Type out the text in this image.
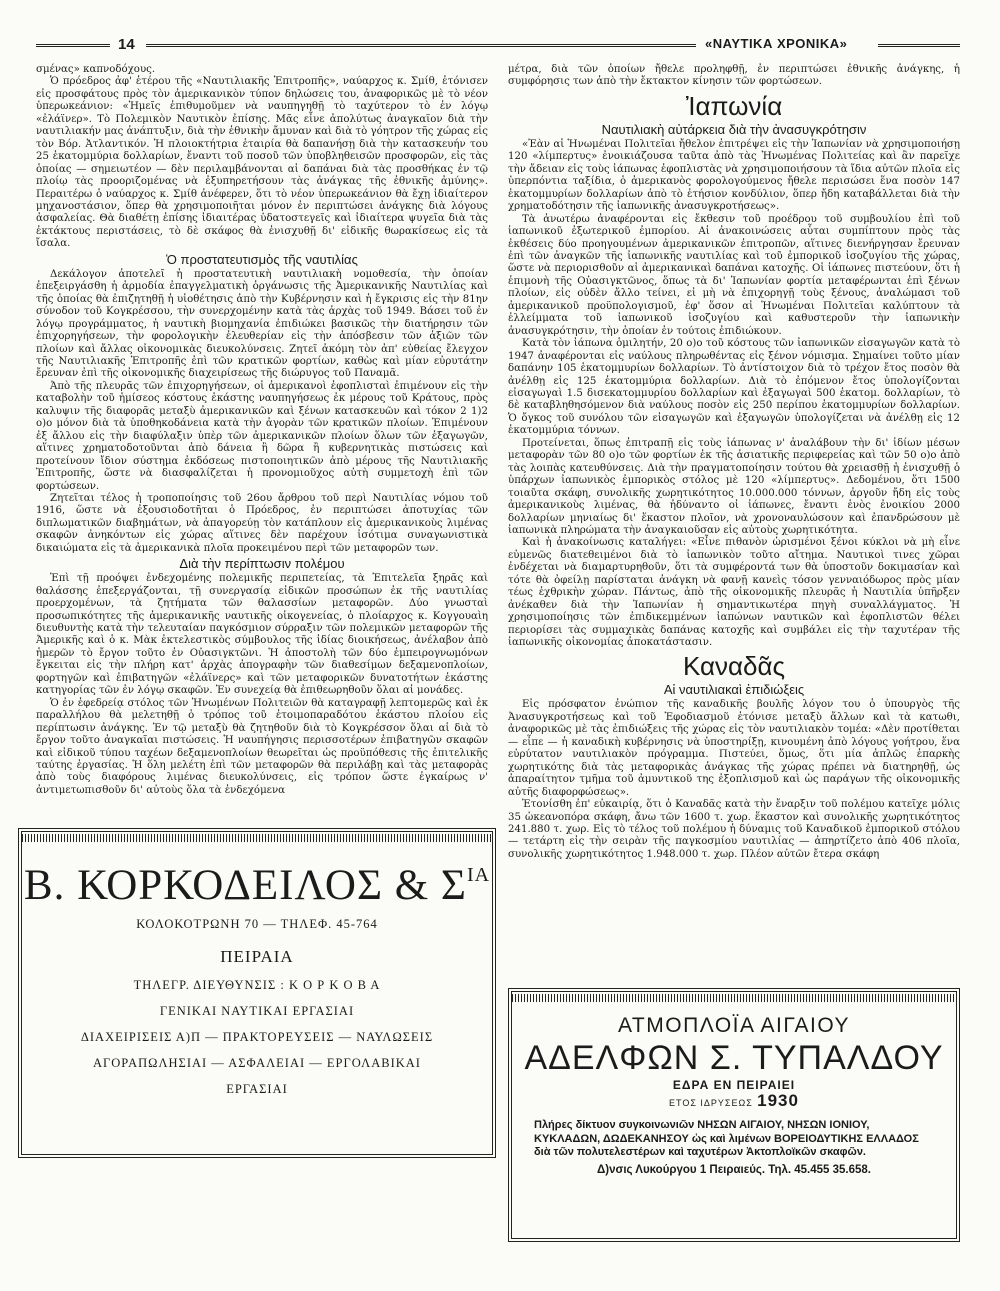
14	«ΝΑΥΤΙΚΑ ΧΡΟΝΙΚΑ»

σμένας» καπνοδόχους.

Ὁ πρόεδρος ἀφ' ἑτέρου τῆς «Ναυτιλιακῆς Ἐπιτροπῆς», ναύαρχος κ. Σμίθ, ἐτόνισεν εἰς προσφάτους πρὸς τὸν ἀμερικανικὸν τύπον δηλώσεις του, ἀναφορικῶς μὲ τὸ νέον ὑπερωκεάνιον: «Ἡμεῖς ἐπιθυμοῦμεν νὰ ναυπηγηθῇ τὸ ταχύτερον τὸ ἐν λόγῳ «ἐλάϊνερ». Τὸ Πολεμικὸν Ναυτικὸν ἐπίσης. Μᾶς εἶνε ἀπολύτως ἀναγκαῖον διὰ τὴν ναυτιλιακήν μας ἀνάπτυξιν, διὰ τὴν ἐθνικὴν ἄμυναν καὶ διὰ τὸ γόητρον τῆς χώρας εἰς τὸν Βόρ. Ἀτλαντικόν. Ἡ πλοιοκτήτρια ἑταιρία θὰ δαπανήσῃ διὰ τὴν κατασκευήν του 25 ἑκατομμύρια δολλαρίων, ἔναντι τοῦ ποσοῦ τῶν ὑποβληθεισῶν προσφορῶν, εἰς τὰς ὁποίας — σημειωτέον — δὲν περιλαμβάνονται αἱ δαπάναι διὰ τὰς προσθήκας ἐν τῷ πλοίῳ τὰς προοριζομένας νὰ ἐξυπηρετήσουν τὰς ἀνάγκας τῆς ἐθνικῆς ἀμύνης». Περαιτέρω ὁ ναύαρχος κ. Σμίθ ἀνέφερεν, ὅτι τὸ νέον ὑπερωκεάνιον θὰ ἔχῃ ἰδιαίτερον μηχανοστάσιον, ὅπερ θὰ χρησιμοποιῆται μόνον ἐν περιπτώσει ἀνάγκης διὰ λόγους ἀσφαλείας. Θὰ διαθέτῃ ἐπίσης ἰδιαιτέρας ὑδατοστεγεῖς καὶ ἰδιαίτερα ψυγεῖα διὰ τὰς ἐκτάκτους περιστάσεις, τὸ δὲ σκάφος θὰ ἐνισχυθῇ δι' εἰδικῆς θωρακίσεως εἰς τὰ ἴσαλα.

Ὁ προστατευτισμὸς τῆς ναυτιλίας

Δεκάλογον ἀποτελεῖ ἡ προστατευτικὴ ναυτιλιακὴ νομοθεσία, τὴν ὁποίαν ἐπεξειργάσθη ἡ ἁρμοδία ἐπαγγελματικὴ ὀργάνωσις τῆς Ἀμερικανικῆς Ναυτιλίας καὶ τῆς ὁποίας θὰ ἐπιζητηθῇ ἡ υἱοθέτησις ἀπὸ τὴν Κυβέρνησιν καὶ ἡ ἔγκρισις εἰς τὴν 81ην σύνοδον τοῦ Κογκρέσσου, τὴν συνερχομένην κατὰ τὰς ἀρχὰς τοῦ 1949. Βάσει τοῦ ἐν λόγῳ προγράμματος, ἡ ναυτικὴ βιομηχανία ἐπιδιώκει βασικῶς τὴν διατήρησιν τῶν ἐπιχορηγήσεων, τὴν φορολογικὴν ἐλευθερίαν εἰς τὴν ἀπόσβεσιν τῶν ἀξιῶν τῶν πλοίων καὶ ἄλλας οἰκονομικὰς διευκολύνσεις. Ζητεῖ ἀκόμη τὸν ἀπ' εὐθείας ἔλεγχον τῆς Ναυτιλιακῆς Ἐπιτροπῆς ἐπὶ τῶν κρατικῶν φορτίων, καθὼς καὶ μίαν εὐρυτάτην ἔρευναν ἐπὶ τῆς οἰκονομικῆς διαχειρίσεως τῆς διώρυγος τοῦ Παναμᾶ.

Ἀπὸ τῆς πλευρᾶς τῶν ἐπιχορηγήσεων, οἱ ἀμερικανοὶ ἐφοπλισταὶ ἐπιμένουν εἰς τὴν καταβολὴν τοῦ ἡμίσεος κόστους ἑκάστης ναυπηγήσεως ἐκ μέρους τοῦ Κράτους, πρὸς καλυψιν τῆς διαφορᾶς μεταξὺ ἀμερικανικῶν καὶ ξένων κατασκευῶν καὶ τόκον 2 1)2 ο)ο μόνον διὰ τὰ ὑποθηκοδάνεια κατὰ τὴν ἀγορὰν τῶν κρατικῶν πλοίων. Ἐπιμένουν ἐξ ἄλλου εἰς τὴν διαφύλαξιν ὑπὲρ τῶν ἀμερικανικῶν πλοίων ὅλων τῶν ἐξαγωγῶν, αἵτινες χρηματοδοτοῦνται ἀπὸ δάνεια ἢ δῶρα ἢ κυβερνητικὰς πιστώσεις καὶ προτείνουν ἴδιον σύστημα ἐκδόσεως πιστοποιητικῶν ἀπὸ μέρους τῆς Ναυτιλιακῆς Ἐπιτροπῆς, ὥστε νὰ διασφαλίζεται ἡ προνομιοῦχος αὐτὴ συμμετοχὴ ἐπὶ τῶν φορτώσεων.

Ζητεῖται τέλος ἡ τροποποίησις τοῦ 26ου ἄρθρου τοῦ περὶ Ναυτιλίας νόμου τοῦ 1916, ὥστε νὰ ἐξουσιοδοτῆται ὁ Πρόεδρος, ἐν περιπτώσει ἀποτυχίας τῶν διπλωματικῶν διαβημάτων, νὰ ἀπαγορεύῃ τὸν κατάπλουν εἰς ἀμερικανικοὺς λιμένας σκαφῶν ἀνηκόντων εἰς χώρας αἵτινες δὲν παρέχουν ἰσότιμα συναγωνιστικὰ δικαιώματα εἰς τὰ ἀμερικανικὰ πλοῖα προκειμένου περὶ τῶν μεταφορῶν των.

Διὰ τὴν περίπτωσιν πολέμου

Ἐπὶ τῇ προόψει ἐνδεχομένης πολεμικῆς περιπετείας, τὰ Ἐπιτελεῖα ξηρᾶς καὶ θαλάσσης ἐπεξεργάζονται, τῇ συνεργασίᾳ εἰδικῶν προσώπων ἐκ τῆς ναυτιλίας προερχομένων, τὰ ζητήματα τῶν θαλασσίων μεταφορῶν. Δύο γνωσταὶ προσωπικότητες τῆς ἀμερικανικῆς ναυτικῆς οἰκογενείας, ὁ πλοίαρχος κ. Κογγουαὶη διευθυντὴς κατὰ τὴν τελευταίαν παγκόσμιον σύρραξιν τῶν πολεμικῶν μεταφορῶν τῆς Ἀμερικῆς καὶ ὁ κ. Μὰκ ἐκτελεστικὸς σύμβουλος τῆς ἰδίας διοικήσεως, ἀνέλαβον ἀπὸ ἡμερῶν τὸ ἔργον τοῦτο ἐν Οὐασιγκτῶνι. Ἡ ἀποστολὴ τῶν δύο ἐμπειρογνωμόνων ἔγκειται εἰς τὴν πλήρη κατ' ἀρχὰς ἀπογραφὴν τῶν διαθεσίμων δεξαμενοπλοίων, φορτηγῶν καὶ ἐπιβατηγῶν «ἐλάϊνερς» καὶ τῶν μεταφορικῶν δυνατοτήτων ἑκάστης κατηγορίας τῶν ἐν λόγῳ σκαφῶν. Ἐν συνεχείᾳ θὰ ἐπιθεωρηθοῦν ὅλαι αἱ μονάδες.

Ὁ ἐν ἐφεδρείᾳ στόλος τῶν Ἡνωμένων Πολιτειῶν θὰ καταγραφῇ λεπτομερῶς καὶ ἐκ παραλλήλου θὰ μελετηθῇ ὁ τρόπος τοῦ ἑτοιμοπαραδότου ἑκάστου πλοίου εἰς περίπτωσιν ἀνάγκης. Ἐν τῷ μεταξὺ θὰ ζητηθοῦν διὰ τὸ Κογκρέσσον ὅλαι αἱ διὰ τὸ ἔργον τοῦτο ἀναγκαῖαι πιστώσεις. Ἡ ναυπήγησις περισσοτέρων ἐπιβατηγῶν σκαφῶν καὶ εἰδικοῦ τύπου ταχέων δεξαμενοπλοίων θεωρεῖται ὡς προϋπόθεσις τῆς ἐπιτελικῆς ταύτης ἐργασίας. Ἡ ὅλη μελέτη ἐπὶ τῶν μεταφορῶν θὰ περιλάβῃ καὶ τὰς μεταφορὰς ἀπὸ τοὺς διαφόρους λιμένας διευκολύνσεις, εἰς τρόπον ὥστε ἐγκαίρως ν' ἀντιμετωπισθοῦν δι' αὐτοὺς ὅλα τὰ ἐνδεχόμενα

μέτρα, διὰ τῶν ὁποίων ἤθελε προληφθῇ, ἐν περιπτώσει ἐθνικῆς ἀνάγκης, ἡ συμφόρησις των ἀπὸ τὴν ἔκτακτον κίνησιν τῶν φορτώσεων.

Ἰαπωνία
Ναυτιλιακὴ αὐτάρκεια διὰ τὴν ἀνασυγκρότησιν

«Ἐὰν αἱ Ἡνωμέναι Πολιτεῖαι ἤθελον ἐπιτρέψει εἰς τὴν Ἰαπωνίαν νὰ χρησιμοποιήσῃ 120 «λίμπερτυς» ἐνοικιάζουσα ταῦτα ἀπὸ τὰς Ἡνωμένας Πολιτείας καὶ ἂν παρεῖχε τὴν ἄδειαν εἰς τοὺς ἰάπωνας ἐφοπλιστὰς νὰ χρησιμοποιήσουν τὰ ἴδια αὐτῶν πλοῖα εἰς ὑπερπόντια ταξίδια, ὁ ἀμερικανὸς φορολογούμενος ἤθελε περισώσει ἕνα ποσὸν 147 ἑκατομμυρίων δολλαρίων ἀπὸ τὸ ἐτήσιον κονδύλιον, ὅπερ ἤδη καταβάλλεται διὰ τὴν χρηματοδότησιν τῆς ἰαπωνικῆς ἀνασυγκροτήσεως».

Τὰ ἀνωτέρω ἀναφέρονται εἰς ἔκθεσιν τοῦ προέδρου τοῦ συμβουλίου ἐπὶ τοῦ ἰαπωνικοῦ ἐξωτερικοῦ ἐμπορίου. Αἱ ἀνακοινώσεις αὗται συμπίπτουν πρὸς τὰς ἐκθέσεις δύο προηγουμένων ἀμερικανικῶν ἐπιτροπῶν, αἵτινες διενήργησαν ἔρευναν ἐπὶ τῶν ἀναγκῶν τῆς ἰαπωνικῆς ναυτιλίας καὶ τοῦ ἐμπορικοῦ ἰσοζυγίου τῆς χώρας, ὥστε νὰ περιορισθοῦν αἱ ἀμερικανικαὶ δαπάναι κατοχῆς. Οἱ ἰάπωνες πιστεύουν, ὅτι ἡ ἐπιμονὴ τῆς Οὐασιγκτῶνος, ὅπως τὰ δι' Ἰαπωνίαν φορτία μεταφέρωνται ἐπὶ ξένων πλοίων, εἰς οὐδὲν ἄλλο τείνει, εἰ μὴ νὰ ἐπιχορηγῇ τοὺς ξένους, ἀναλώμασι τοῦ ἀμερικανικοῦ προϋπολογισμοῦ, ἐφ' ὅσον αἱ Ἡνωμέναι Πολιτεῖαι καλύπτουν τὰ ἐλλείμματα τοῦ ἰαπωνικοῦ ἰσοζυγίου καὶ καθυστεροῦν τὴν ἰαπωνικὴν ἀνασυγκρότησιν, τὴν ὁποίαν ἐν τούτοις ἐπιδιώκουν.

Κατὰ τὸν ἰάπωνα ὁμιλητήν, 20 ο)ο τοῦ κόστους τῶν ἰαπωνικῶν εἰσαγωγῶν κατὰ τὸ 1947 ἀναφέρονται εἰς ναύλους πληρωθέντας εἰς ξένον νόμισμα. Σημαίνει τοῦτο μίαν δαπάνην 105 ἑκατομμυρίων δολλαρίων. Τὸ ἀντίστοιχον διὰ τὸ τρέχον ἔτος ποσὸν θὰ ἀνέλθῃ εἰς 125 ἑκατομμύρια δολλαρίων. Διὰ τὸ ἐπόμενον ἔτος ὑπολογίζονται εἰσαγωγαὶ 1.5 δισεκατομμυρίου δολλαρίων καὶ ἐξαγωγαὶ 500 ἑκατομ. δολλαρίων, τὸ δὲ καταβληθησόμενον διὰ ναύλους ποσὸν εἰς 250 περίπου ἑκατομμυρίων δολλαρίων. Ὁ ὄγκος τοῦ συνόλου τῶν εἰσαγωγῶν καὶ ἐξαγωγῶν ὑπολογίζεται νὰ ἀνέλθῃ εἰς 12 ἑκατομμύρια τόννων.

Προτείνεται, ὅπως ἐπιτραπῇ εἰς τοὺς ἰάπωνας ν' ἀναλάβουν τὴν δι' ἰδίων μέσων μεταφορὰν τῶν 80 ο)ο τῶν φορτίων ἐκ τῆς ἀσιατικῆς περιφερείας καὶ τῶν 50 ο)ο ἀπὸ τὰς λοιπὰς κατευθύνσεις. Διὰ τὴν πραγματοποίησιν τούτου θὰ χρειασθῇ ἡ ἐνισχυθῇ ὁ ὑπάρχων ἰαπωνικὸς ἐμπορικὸς στόλος μὲ 120 «λίμπερτυς». Δεδομένου, ὅτι 1500 τοιαῦτα σκάφη, συνολικῆς χωρητικότητος 10.000.000 τόννων, ἀργοῦν ἤδη εἰς τοὺς ἀμερικανικοὺς λιμένας, θὰ ἠδύναντο οἱ ἰάπωνες, ἔναντι ἑνὸς ἐνοικίου 2000 δολλαρίων μηνιαίως δι' ἕκαστον πλοῖον, νὰ χρονοναυλώσουν καὶ ἐπανδρώσουν μὲ ἰαπωνικὰ πληρώματα τὴν ἀναγκαιοῦσαν εἰς αὐτοὺς χωρητικότητα.

Καὶ ἡ ἀνακοίνωσις καταλήγει: «Εἶνε πιθανὸν ὡρισμένοι ξένοι κύκλοι νὰ μὴ εἶνε εὐμενῶς διατεθειμένοι διὰ τὸ ἰαπωνικὸν τοῦτο αἴτημα. Ναυτικοὶ τινες χῶραι ἐνδέχεται νὰ διαμαρτυρηθοῦν, ὅτι τὰ συμφέροντά των θὰ ὑποστοῦν δοκιμασίαν καὶ τότε θὰ ὀφείλῃ παρίσταται ἀνάγκη νὰ φανῇ κανεὶς τόσον γενναιόδωρος πρὸς μίαν τέως ἐχθρικὴν χώραν. Πάντως, ἀπὸ τῆς οἰκονομικῆς πλευρᾶς ἡ Ναυτιλία ὑπῆρξεν ἀνέκαθεν διὰ τὴν Ἰαπωνίαν ἡ σημαντικωτέρα πηγὴ συναλλάγματος. Ἡ χρησιμοποίησις τῶν ἐπιδικεμμένων ἰαπώνων ναυτικῶν καὶ ἐφοπλιστῶν θέλει περιορίσει τὰς συμμαχικὰς δαπάνας κατοχῆς καὶ συμβάλει εἰς τὴν ταχυτέραν τῆς ἰαπωνικῆς οἰκονομίας ἀποκατάστασιν.

Καναδᾶς
Αἱ ναυτιλιακαὶ ἐπιδιώξεις

Εἰς πρόσφατον ἐνώπιον τῆς καναδικῆς βουλῆς λόγον του ὁ ὑπουργὸς τῆς Ἀνασυγκροτήσεως καὶ τοῦ Ἐφοδιασμοῦ ἐτόνισε μεταξὺ ἄλλων καὶ τὰ κατωθι, ἀναφορικῶς μὲ τὰς ἐπιδιώξεις τῆς χώρας εἰς τὸν ναυτιλιακὸν τομέα: «Δὲν προτίθεται — εἶπε — ἡ καναδικὴ κυβέρνησις νὰ ὑποστηρίξῃ, κινουμένη ἀπὸ λόγους γοήτρου, ἕνα εὐρύτατον ναυτιλιακὸν πρόγραμμα. Πιστεύει, ὅμως, ὅτι μία ἁπλῶς ἐπαρκὴς χωρητικότης διὰ τὰς μεταφορικὰς ἀνάγκας τῆς χώρας πρέπει νὰ διατηρηθῇ, ὡς ἀπαραίτητον τμῆμα τοῦ ἀμυντικοῦ της ἐξοπλισμοῦ καὶ ὡς παράγων τῆς οἰκονομικῆς αὐτῆς διαφορφώσεως».

Ἐτονίσθη ἐπ' εὐκαιρίᾳ, ὅτι ὁ Καναδᾶς κατὰ τὴν ἔναρξιν τοῦ πολέμου κατεῖχε μόλις 35 ὠκεανοπόρα σκάφη, ἄνω τῶν 1600 τ. χωρ. ἕκαστον καὶ συνολικῆς χωρητικότητος 241.880 τ. χωρ. Εἰς τὸ τέλος τοῦ πολέμου ἡ δύναμις τοῦ Καναδικοῦ ἐμπορικοῦ στόλου — τετάρτη εἰς τὴν σειρὰν τῆς παγκοσμίου ναυτιλίας — ἀπηρτίζετο ἀπὸ 406 πλοῖα, συνολικῆς χωρητικότητος 1.948.000 τ. χωρ. Πλέον αὐτῶν ἔτερα σκάφη

Β. ΚΟΡΚΟΔΕΙΛΟΣ & $\Sigma^{IA}$
ΚΟΛΟΚΟΤΡΩΝΗ 70 — ΤΗΛΕΦ. 45-764
ΠΕΙΡΑΙΑ
ΤΗΛΕΓΡ. ΔΙΕΥΘΥΝΣΙΣ : Κ Ο Ρ Κ Ο Β Α
ΓΕΝΙΚΑΙ ΝΑΥΤΙΚΑΙ ΕΡΓΑΣΙΑΙ
ΔΙΑΧΕΙΡΙΣΕΙΣ Α)Π — ΠΡΑΚΤΟΡΕΥΣΕΙΣ — ΝΑΥΛΩΣΕΙΣ
ΑΓΟΡΑΠΩΛΗΣΙΑΙ — ΑΣΦΑΛΕΙΑΙ — ΕΡΓΟΛΑΒΙΚΑΙ
ΕΡΓΑΣΙΑΙ
ΑΤΜΟΠΛΟΪΑ ΑΙΓΑΙΟΥ
ΑΔΕΛΦΩΝ Σ. ΤΥΠΑΛΔΟΥ
ΕΔΡΑ ΕΝ ΠΕΙΡΑΙΕΙ
ΕΤΟΣ ΙΔΡΥΣΕΩΣ 1930
Πλήρες δίκτυον συγκοινωνιῶν ΝΗΣΩΝ ΑΙΓΑΙΟΥ, ΝΗΣΩΝ ΙΟΝΙΟΥ, ΚΥΚΛΑΔΩΝ, ΔΩΔΕΚΑΝΗΣΟΥ ὡς καὶ λιμένων ΒΟΡΕΙΟΔΥΤΙΚΗΣ ΕΛΛΑΔΟΣ διὰ τῶν πολυτελεστέρων καὶ ταχυτέρων Ἀκτοπλοϊκῶν σκαφῶν.
Δ)νσις Λυκούργου 1 Πειραιεύς. Τηλ. 45.455 35.658.
